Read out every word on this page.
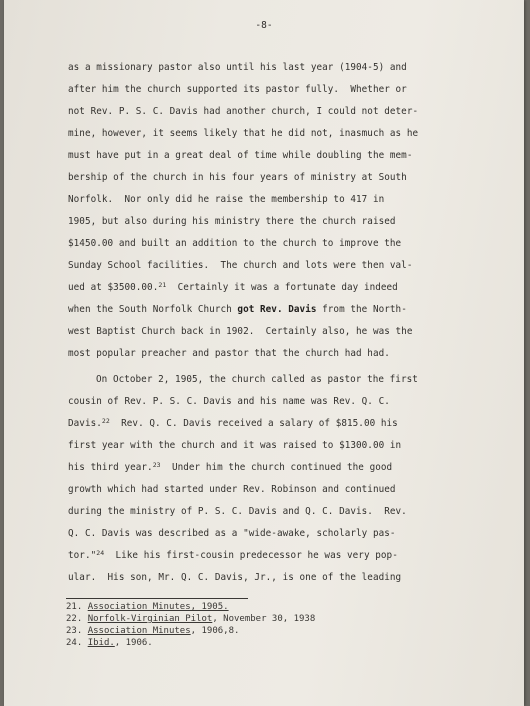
-8-
as a missionary pastor also until his last year (1904-5) and
after him the church supported its pastor fully.  Whether or
not Rev. P. S. C. Davis had another church, I could not deter-
mine, however, it seems likely that he did not, inasmuch as he
must have put in a great deal of time while doubling the mem-
bership of the church in his four years of ministry at South
Norfolk.  Nor only did he raise the membership to 417 in
1905, but also during his ministry there the church raised
$1450.00 and built an addition to the church to improve the
Sunday School facilities.  The church and lots were then val-
ued at $3500.00.21  Certainly it was a fortunate day indeed
when the South Norfolk Church got Rev. Davis from the North-
west Baptist Church back in 1902.  Certainly also, he was the
most popular preacher and pastor that the church had had.
On October 2, 1905, the church called as pastor the first
cousin of Rev. P. S. C. Davis and his name was Rev. Q. C.
Davis.$^{22}$  Rev. Q. C. Davis received a salary of $815.00 his
first year with the church and it was raised to $1300.00 in
his third year.$^{23}$  Under him the church continued the good
growth which had started under Rev. Robinson and continued
during the ministry of P. S. C. Davis and Q. C. Davis.  Rev.
Q. C. Davis was described as a "wide-awake, scholarly pas-
tor."$^{24}$  Like his first-cousin predecessor he was very pop-
ular.  His son, Mr. Q. C. Davis, Jr., is one of the leading
21. Association Minutes, 1905.
22. Norfolk-Virginian Pilot, November 30, 1938
23. Association Minutes, 1906,8.
24. Ibid., 1906.
